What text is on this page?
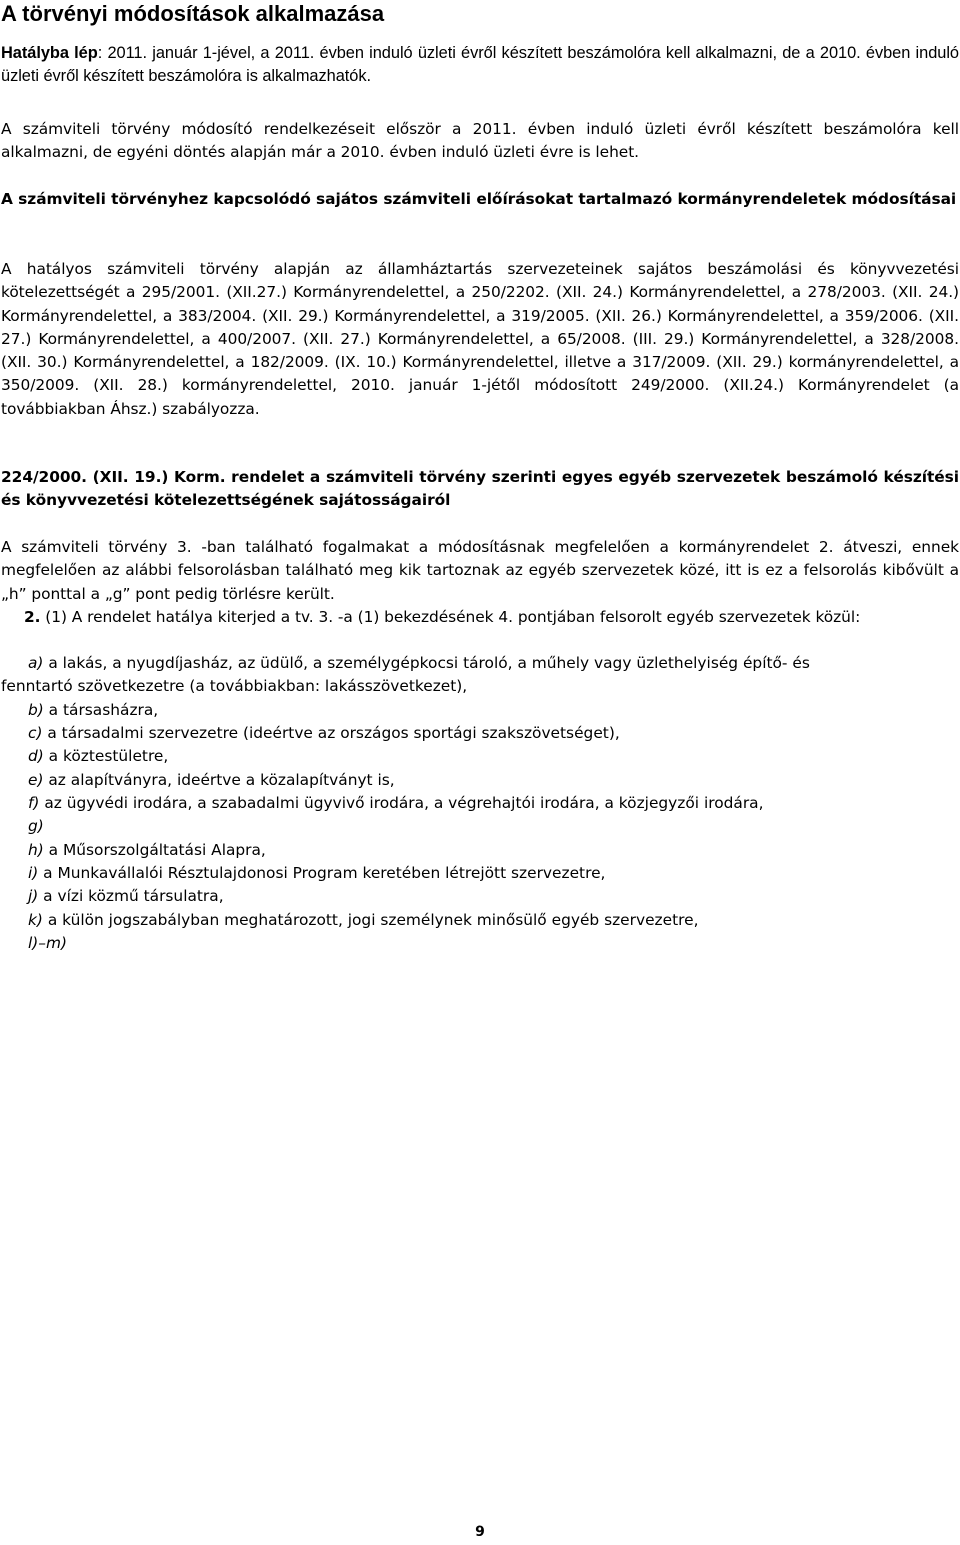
A törvényi módosítások alkalmazása

Hatályba lép: 2011. január 1-jével, a 2011. évben induló üzleti évről készített beszámolóra kell alkalmazni, de a 2010. évben induló üzleti évről készített beszámolóra is alkalmazhatók.

A számviteli törvény módosító rendelkezéseit először a 2011. évben induló üzleti évről készített beszámolóra kell alkalmazni, de egyéni döntés alapján már a 2010. évben induló üzleti évre is lehet.

A számviteli törvényhez kapcsolódó sajátos számviteli előírásokat tartalmazó kormányrendeletek módosításai

A hatályos számviteli törvény alapján az államháztartás szervezeteinek sajátos beszámolási és könyvvezetési kötelezettségét a 295/2001. (XII.27.) Kormányrendelettel, a 250/2202. (XII. 24.) Kormányrendelettel, a 278/2003. (XII. 24.) Kormányrendelettel, a 383/2004. (XII. 29.) Kormányrendelettel, a 319/2005. (XII. 26.) Kormányrendelettel, a 359/2006. (XII. 27.) Kormányrendelettel, a 400/2007. (XII. 27.) Kormányrendelettel, a 65/2008. (III. 29.) Kormányrendelettel, a 328/2008. (XII. 30.) Kormányrendelettel, a 182/2009. (IX. 10.) Kormányrendelettel, illetve a 317/2009. (XII. 29.) kormányrendelettel, a 350/2009. (XII. 28.) kormányrendelettel, 2010. január 1-jétől módosított 249/2000. (XII.24.) Kormányrendelet (a továbbiakban Áhsz.) szabályozza.

224/2000. (XII. 19.) Korm. rendelet a számviteli törvény szerinti egyes egyéb szervezetek beszámoló készítési és könyvvezetési kötelezettségének sajátosságairól

A számviteli törvény 3. -ban található fogalmakat a módosításnak megfelelően a kormányrendelet 2. átveszi, ennek megfelelően az alábbi felsorolásban található meg kik tartoznak az egyéb szervezetek közé, itt is ez a felsorolás kibővült a „h” ponttal a „g” pont pedig törlésre került.

2. (1) A rendelet hatálya kiterjed a tv. 3. -a (1) bekezdésének 4. pontjában felsorolt egyéb szervezetek közül:

a) a lakás, a nyugdíjasház, az üdülő, a személygépkocsi tároló, a műhely vagy üzlethelyiség építő- és
fenntartó szövetkezetre (a továbbiakban: lakásszövetkezet),
b) a társasházra,
c) a társadalmi szervezetre (ideértve az országos sportági szakszövetséget),
d) a köztestületre,
e) az alapítványra, ideértve a közalapítványt is,
f) az ügyvédi irodára, a szabadalmi ügyvivő irodára, a végrehajtói irodára, a közjegyzői irodára,
g)
h) a Műsorszolgáltatási Alapra,
i) a Munkavállalói Résztulajdonosi Program keretében létrejött szervezetre,
j) a vízi közmű társulatra,
k) a külön jogszabályban meghatározott, jogi személynek minősülő egyéb szervezetre,
l)–m)
9
